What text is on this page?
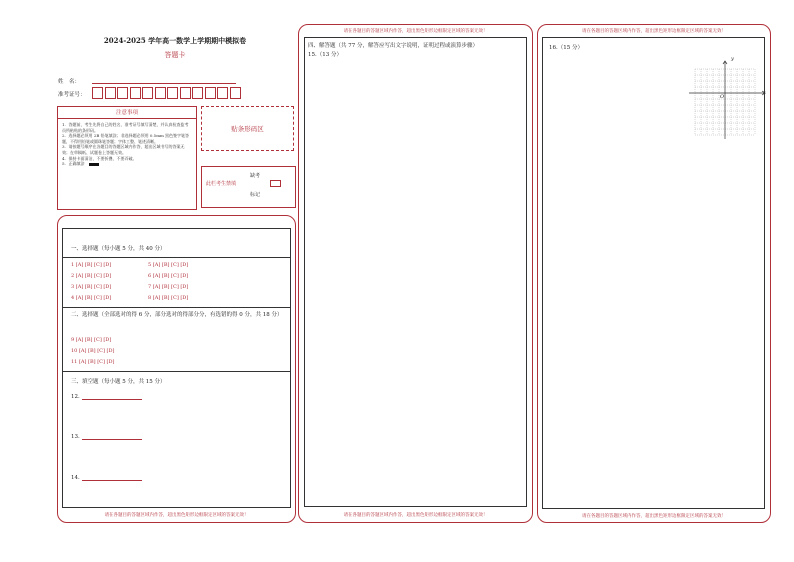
2024-2025 学年高一数学上学期期中模拟卷
答题卡
姓　名：
准考证号：
注意事项
1．答题前，考生先将自己的姓名，准考证号填写清楚，并认真检查监考员所粘贴的条形码。
2．选择题必须用 2B 铅笔填涂；非选择题必须用 0.5mm 黑色签字笔答题，不得用铅笔或圆珠笔答题；字体工整、笔迹清晰。
3．请按题号顺序在各题目的答题区域内作答，超出区域书写的答案无效；在草稿纸、试题卷上答题无效。
4．保持卡面清洁，不要折叠、不要弄破。
5．正确填涂
贴条形码区
缺考
此栏考生禁填
标记
一、选择题（每小题 5 分，共 40 分）
1 [A] [B] [C] [D]
2 [A] [B] [C] [D]
3 [A] [B] [C] [D]
4 [A] [B] [C] [D]
5 [A] [B] [C] [D]
6 [A] [B] [C] [D]
7 [A] [B] [C] [D]
8 [A] [B] [C] [D]
二、选择题（全部选对的得 6 分，部分选对的得部分分，有选错的得 0 分，共 18 分）
9 [A] [B] [C] [D]
10 [A] [B] [C] [D]
11 [A] [B] [C] [D]
三、填空题（每小题 5 分，共 15 分）
12.
13.
14.
请在各题目的答题区域内作答，超出黑色矩形边框限定区域的答案无效！
请在各题目的答题区域内作答，超出黑色矩形边框限定区域的答案无效！
四、解答题（共 77 分，解答应写出文字说明，证明过程或演算步骤）
15.（13 分）
请在各题目的答题区域内作答，超出黑色矩形边框限定区域的答案无效！
请在各题目的答题区域内作答，超出黑色矩形边框限定区域的答案无效！
16.（15 分）
y
x
O
请在各题目的答题区域内作答，超出黑色矩形边框限定区域的答案无效！
